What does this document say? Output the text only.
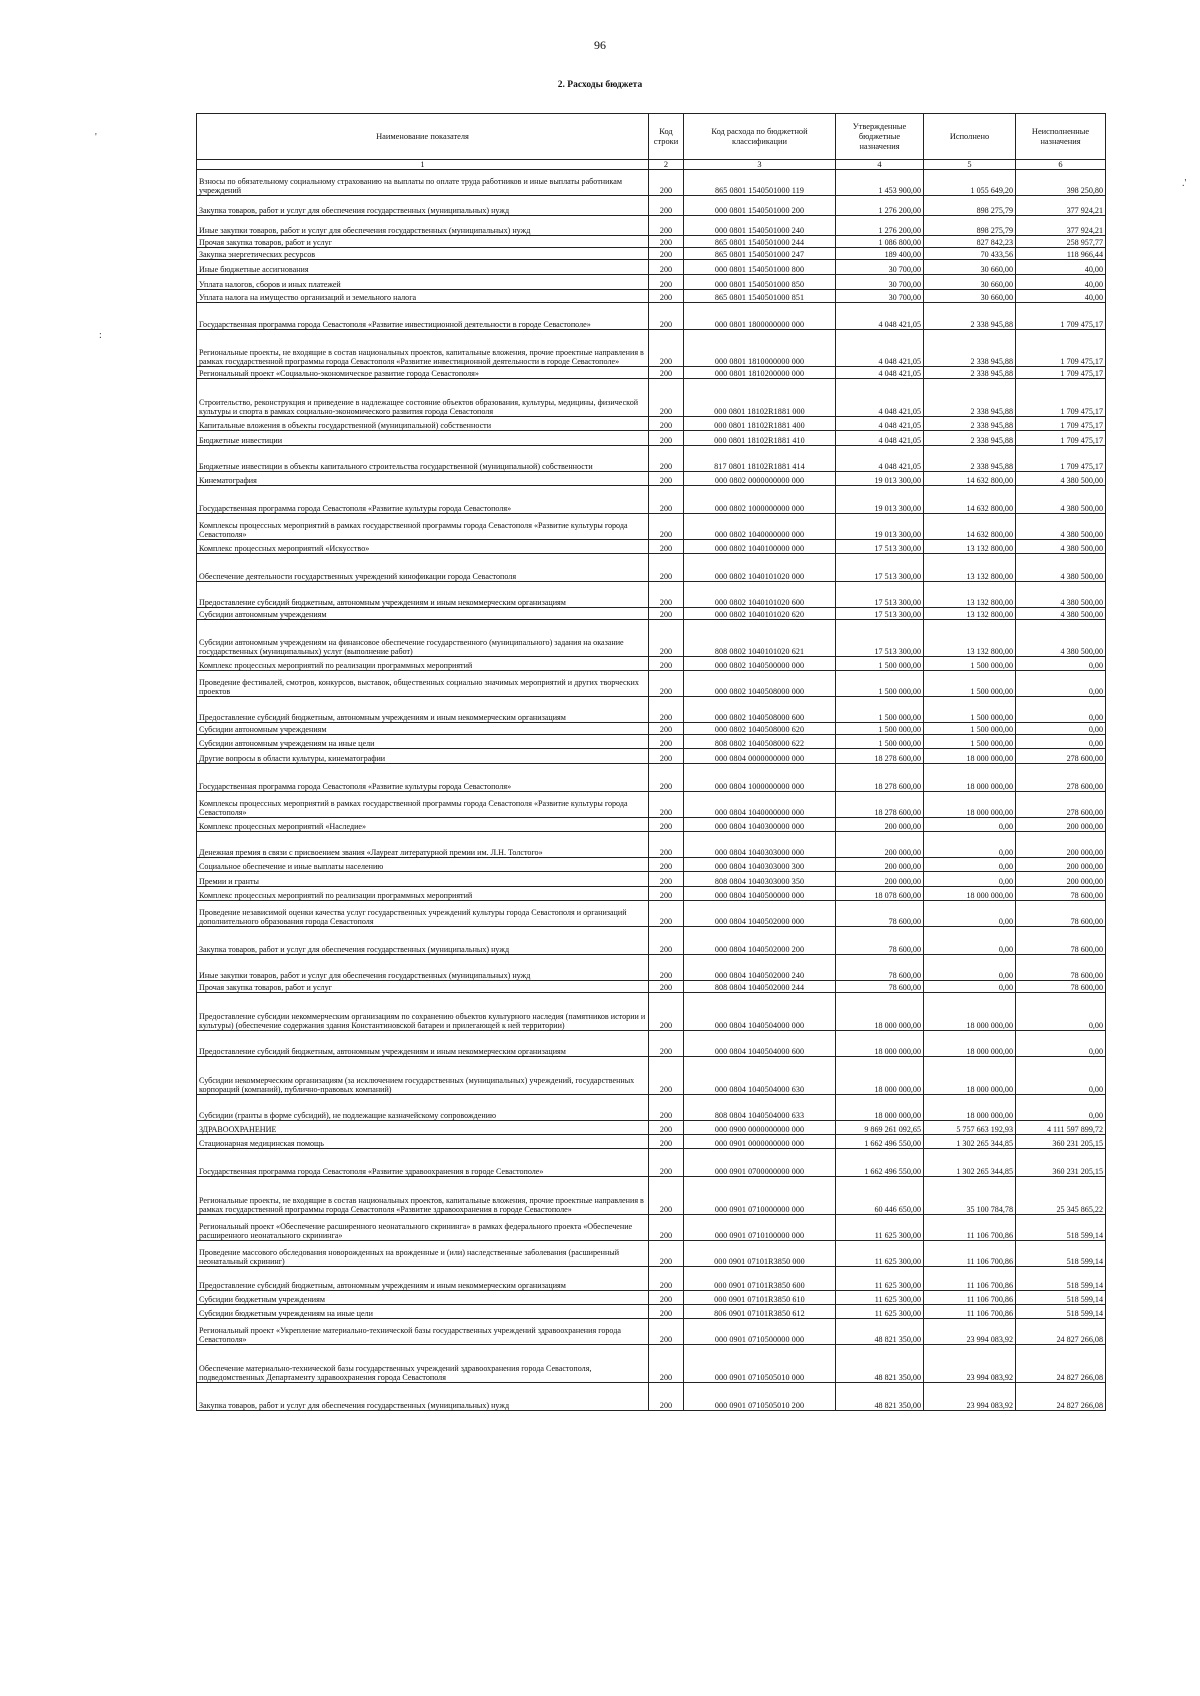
96
2. Расходы бюджета
'
:
.'
Наименование показателя	Код строки	Код расхода по бюджетной классификации	Утвержденные бюджетные назначения	Исполнено	Неисполненные назначения
1	2	3	4	5	6
Взносы по обязательному социальному страхованию на выплаты по оплате труда работников и иные выплаты работникам учреждений	200	865 0801 1540501000 119	1 453 900,00	1 055 649,20	398 250,80
Закупка товаров, работ и услуг для обеспечения государственных (муниципальных) нужд	200	000 0801 1540501000 200	1 276 200,00	898 275,79	377 924,21
Иные закупки товаров, работ и услуг для обеспечения государственных (муниципальных) нужд	200	000 0801 1540501000 240	1 276 200,00	898 275,79	377 924,21
Прочая закупка товаров, работ и услуг	200	865 0801 1540501000 244	1 086 800,00	827 842,23	258 957,77
Закупка энергетических ресурсов	200	865 0801 1540501000 247	189 400,00	70 433,56	118 966,44
Иные бюджетные ассигнования	200	000 0801 1540501000 800	30 700,00	30 660,00	40,00
Уплата налогов, сборов и иных платежей	200	000 0801 1540501000 850	30 700,00	30 660,00	40,00
Уплата налога на имущество организаций и земельного налога	200	865 0801 1540501000 851	30 700,00	30 660,00	40,00
Государственная программа города Севастополя «Развитие инвестиционной деятельности в городе Севастополе»	200	000 0801 1800000000 000	4 048 421,05	2 338 945,88	1 709 475,17
Региональные проекты, не входящие в состав национальных проектов, капитальные вложения, прочие проектные направления в рамках государственной программы города Севастополя «Развитие инвестиционной деятельности в городе Севастополе»	200	000 0801 1810000000 000	4 048 421,05	2 338 945,88	1 709 475,17
Региональный проект «Социально-экономическое развитие города Севастополя»	200	000 0801 1810200000 000	4 048 421,05	2 338 945,88	1 709 475,17
Строительство, реконструкция и приведение в надлежащее состояние объектов образования, культуры, медицины, физической культуры и спорта в рамках социально-экономического развития города Севастополя	200	000 0801 18102R1881 000	4 048 421,05	2 338 945,88	1 709 475,17
Капитальные вложения в объекты государственной (муниципальной) собственности	200	000 0801 18102R1881 400	4 048 421,05	2 338 945,88	1 709 475,17
Бюджетные инвестиции	200	000 0801 18102R1881 410	4 048 421,05	2 338 945,88	1 709 475,17
Бюджетные инвестиции в объекты капитального строительства государственной (муниципальной) собственности	200	817 0801 18102R1881 414	4 048 421,05	2 338 945,88	1 709 475,17
Кинематография	200	000 0802 0000000000 000	19 013 300,00	14 632 800,00	4 380 500,00
Государственная программа города Севастополя «Развитие культуры города Севастополя»	200	000 0802 1000000000 000	19 013 300,00	14 632 800,00	4 380 500,00
Комплексы процессных мероприятий в рамках государственной программы города Севастополя «Развитие культуры города Севастополя»	200	000 0802 1040000000 000	19 013 300,00	14 632 800,00	4 380 500,00
Комплекс процессных мероприятий «Искусство»	200	000 0802 1040100000 000	17 513 300,00	13 132 800,00	4 380 500,00
Обеспечение деятельности государственных учреждений кинофикации города Севастополя	200	000 0802 1040101020 000	17 513 300,00	13 132 800,00	4 380 500,00
Предоставление субсидий бюджетным, автономным учреждениям и иным некоммерческим организациям	200	000 0802 1040101020 600	17 513 300,00	13 132 800,00	4 380 500,00
Субсидии автономным учреждениям	200	000 0802 1040101020 620	17 513 300,00	13 132 800,00	4 380 500,00
Субсидии автономным учреждениям на финансовое обеспечение государственного (муниципального) задания на оказание государственных (муниципальных) услуг (выполнение работ)	200	808 0802 1040101020 621	17 513 300,00	13 132 800,00	4 380 500,00
Комплекс процессных мероприятий по реализации программных мероприятий	200	000 0802 1040500000 000	1 500 000,00	1 500 000,00	0,00
Проведение фестивалей, смотров, конкурсов, выставок, общественных социально значимых мероприятий и других творческих проектов	200	000 0802 1040508000 000	1 500 000,00	1 500 000,00	0,00
Предоставление субсидий бюджетным, автономным учреждениям и иным некоммерческим организациям	200	000 0802 1040508000 600	1 500 000,00	1 500 000,00	0,00
Субсидии автономным учреждениям	200	000 0802 1040508000 620	1 500 000,00	1 500 000,00	0,00
Субсидии автономным учреждениям на иные цели	200	808 0802 1040508000 622	1 500 000,00	1 500 000,00	0,00
Другие вопросы в области культуры, кинематографии	200	000 0804 0000000000 000	18 278 600,00	18 000 000,00	278 600,00
Государственная программа города Севастополя «Развитие культуры города Севастополя»	200	000 0804 1000000000 000	18 278 600,00	18 000 000,00	278 600,00
Комплексы процессных мероприятий в рамках государственной программы города Севастополя «Развитие культуры города Севастополя»	200	000 0804 1040000000 000	18 278 600,00	18 000 000,00	278 600,00
Комплекс процессных мероприятий «Наследие»	200	000 0804 1040300000 000	200 000,00	0,00	200 000,00
Денежная премия в связи с присвоением звания «Лауреат литературной премии им. Л.Н. Толстого»	200	000 0804 1040303000 000	200 000,00	0,00	200 000,00
Социальное обеспечение и иные выплаты населению	200	000 0804 1040303000 300	200 000,00	0,00	200 000,00
Премии и гранты	200	808 0804 1040303000 350	200 000,00	0,00	200 000,00
Комплекс процессных мероприятий по реализации программных мероприятий	200	000 0804 1040500000 000	18 078 600,00	18 000 000,00	78 600,00
Проведение независимой оценки качества услуг государственных учреждений культуры города Севастополя и организаций дополнительного образования города Севастополя	200	000 0804 1040502000 000	78 600,00	0,00	78 600,00
Закупка товаров, работ и услуг для обеспечения государственных (муниципальных) нужд	200	000 0804 1040502000 200	78 600,00	0,00	78 600,00
Иные закупки товаров, работ и услуг для обеспечения государственных (муниципальных) нужд	200	000 0804 1040502000 240	78 600,00	0,00	78 600,00
Прочая закупка товаров, работ и услуг	200	808 0804 1040502000 244	78 600,00	0,00	78 600,00
Предоставление субсидии некоммерческим организациям по сохранению объектов культурного наследия (памятников истории и культуры) (обеспечение содержания здания Константиновской батареи и прилегающей к ней территории)	200	000 0804 1040504000 000	18 000 000,00	18 000 000,00	0,00
Предоставление субсидий бюджетным, автономным учреждениям и иным некоммерческим организациям	200	000 0804 1040504000 600	18 000 000,00	18 000 000,00	0,00
Субсидии некоммерческим организациям (за исключением государственных (муниципальных) учреждений, государственных корпораций (компаний), публично-правовых компаний)	200	000 0804 1040504000 630	18 000 000,00	18 000 000,00	0,00
Субсидии (гранты в форме субсидий), не подлежащие казначейскому сопровождению	200	808 0804 1040504000 633	18 000 000,00	18 000 000,00	0,00
ЗДРАВООХРАНЕНИЕ	200	000 0900 0000000000 000	9 869 261 092,65	5 757 663 192,93	4 111 597 899,72
Стационарная медицинская помощь	200	000 0901 0000000000 000	1 662 496 550,00	1 302 265 344,85	360 231 205,15
Государственная программа города Севастополя «Развитие здравоохранения в городе Севастополе»	200	000 0901 0700000000 000	1 662 496 550,00	1 302 265 344,85	360 231 205,15
Региональные проекты, не входящие в состав национальных проектов, капитальные вложения, прочие проектные направления в рамках государственной программы города Севастополя «Развитие здравоохранения в городе Севастополе»	200	000 0901 0710000000 000	60 446 650,00	35 100 784,78	25 345 865,22
Региональный проект «Обеспечение расширенного неонатального скрининга» в рамках федерального проекта «Обеспечение расширенного неонатального скрининга»	200	000 0901 0710100000 000	11 625 300,00	11 106 700,86	518 599,14
Проведение массового обследования новорожденных на врожденные и (или) наследственные заболевания (расширенный неонатальный скрининг)	200	000 0901 07101R3850 000	11 625 300,00	11 106 700,86	518 599,14
Предоставление субсидий бюджетным, автономным учреждениям и иным некоммерческим организациям	200	000 0901 07101R3850 600	11 625 300,00	11 106 700,86	518 599,14
Субсидии бюджетным учреждениям	200	000 0901 07101R3850 610	11 625 300,00	11 106 700,86	518 599,14
Субсидии бюджетным учреждениям на иные цели	200	806 0901 07101R3850 612	11 625 300,00	11 106 700,86	518 599,14
Региональный проект «Укрепление материально-технической базы государственных учреждений здравоохранения города Севастополя»	200	000 0901 0710500000 000	48 821 350,00	23 994 083,92	24 827 266,08
Обеспечение материально-технической базы государственных учреждений здравоохранения города Севастополя, подведомственных Департаменту здравоохранения города Севастополя	200	000 0901 0710505010 000	48 821 350,00	23 994 083,92	24 827 266,08
Закупка товаров, работ и услуг для обеспечения государственных (муниципальных) нужд	200	000 0901 0710505010 200	48 821 350,00	23 994 083,92	24 827 266,08
